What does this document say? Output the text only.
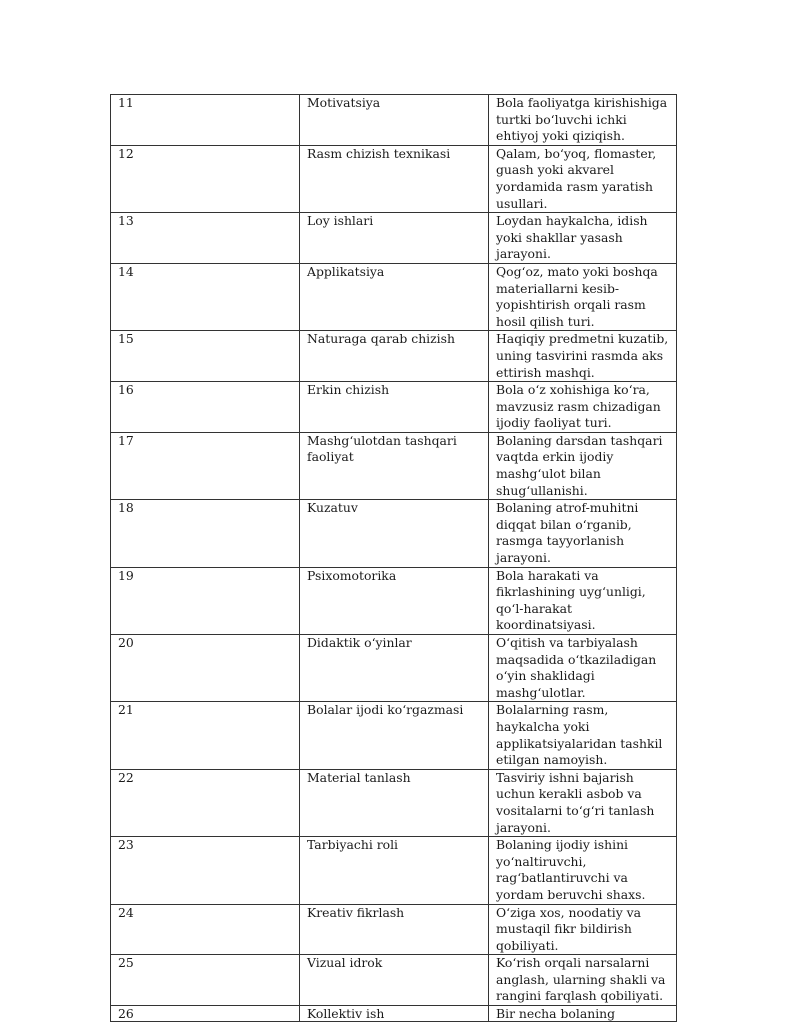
11	Motivatsiya	Bola faoliyatga kirishishiga turtki bo‘luvchi ichki ehtiyoj yoki qiziqish.
12	Rasm chizish texnikasi	Qalam, bo‘yoq, flomaster, guash yoki akvarel yordamida rasm yaratish usullari.
13	Loy ishlari	Loydan haykalcha, idish yoki shakllar yasash jarayoni.
14	Applikatsiya	Qog‘oz, mato yoki boshqa materiallarni kesib-yopishtirish orqali rasm hosil qilish turi.
15	Naturaga qarab chizish	Haqiqiy predmetni kuzatib, uning tasvirini rasmda aks ettirish mashqi.
16	Erkin chizish	Bola o‘z xohishiga ko‘ra, mavzusiz rasm chizadigan ijodiy faoliyat turi.
17	Mashg‘ulotdan tashqari faoliyat	Bolaning darsdan tashqari vaqtda erkin ijodiy mashg‘ulot bilan shug‘ullanishi.
18	Kuzatuv	Bolaning atrof-muhitni diqqat bilan o‘rganib, rasmga tayyorlanish jarayoni.
19	Psixomotorika	Bola harakati va fikrlashining uyg‘unligi, qo‘l-harakat koordinatsiyasi.
20	Didaktik o‘yinlar	O‘qitish va tarbiyalash maqsadida o‘tkaziladigan o‘yin shaklidagi mashg‘ulotlar.
21	Bolalar ijodi ko‘rgazmasi	Bolalarning rasm, haykalcha yoki applikatsiyalaridan tashkil etilgan namoyish.
22	Material tanlash	Tasviriy ishni bajarish uchun kerakli asbob va vositalarni to‘g‘ri tanlash jarayoni.
23	Tarbiyachi roli	Bolaning ijodiy ishini yo‘naltiruvchi, rag‘batlantiruvchi va yordam beruvchi shaxs.
24	Kreativ fikrlash	O‘ziga xos, noodatiy va mustaqil fikr bildirish qobiliyati.
25	Vizual idrok	Ko‘rish orqali narsalarni anglash, ularning shakli va rangini farqlash qobiliyati.
26	Kollektiv ish	Bir necha bolaning
